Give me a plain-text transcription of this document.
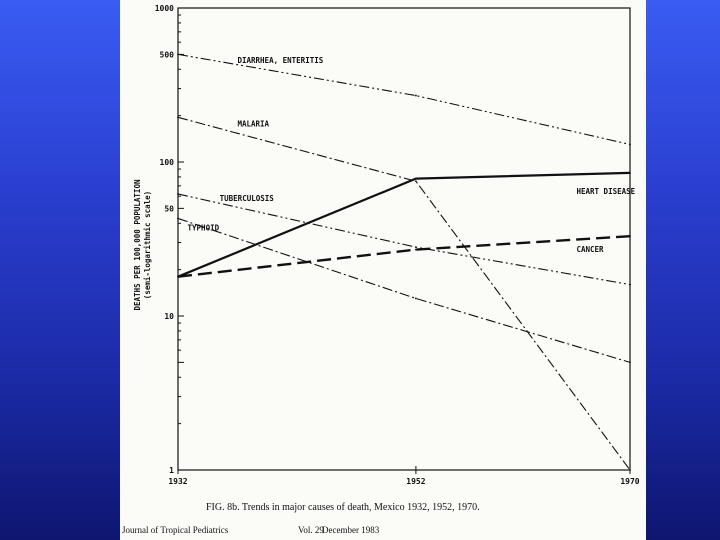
1
10
50
100
500
1000
1932	1952	1970
DIARRHEA, ENTERITIS
MALARIA
HEART DISEASE
TUBERCULOSIS
CANCER
TYPHOID
DEATHS PER 100,000 POPULATION (semi-logarithmic scale)
FIG. 8b. Trends in major causes of death, Mexico 1932, 1952, 1970.
Journal of Tropical Pediatrics	Vol. 29
December 1983
